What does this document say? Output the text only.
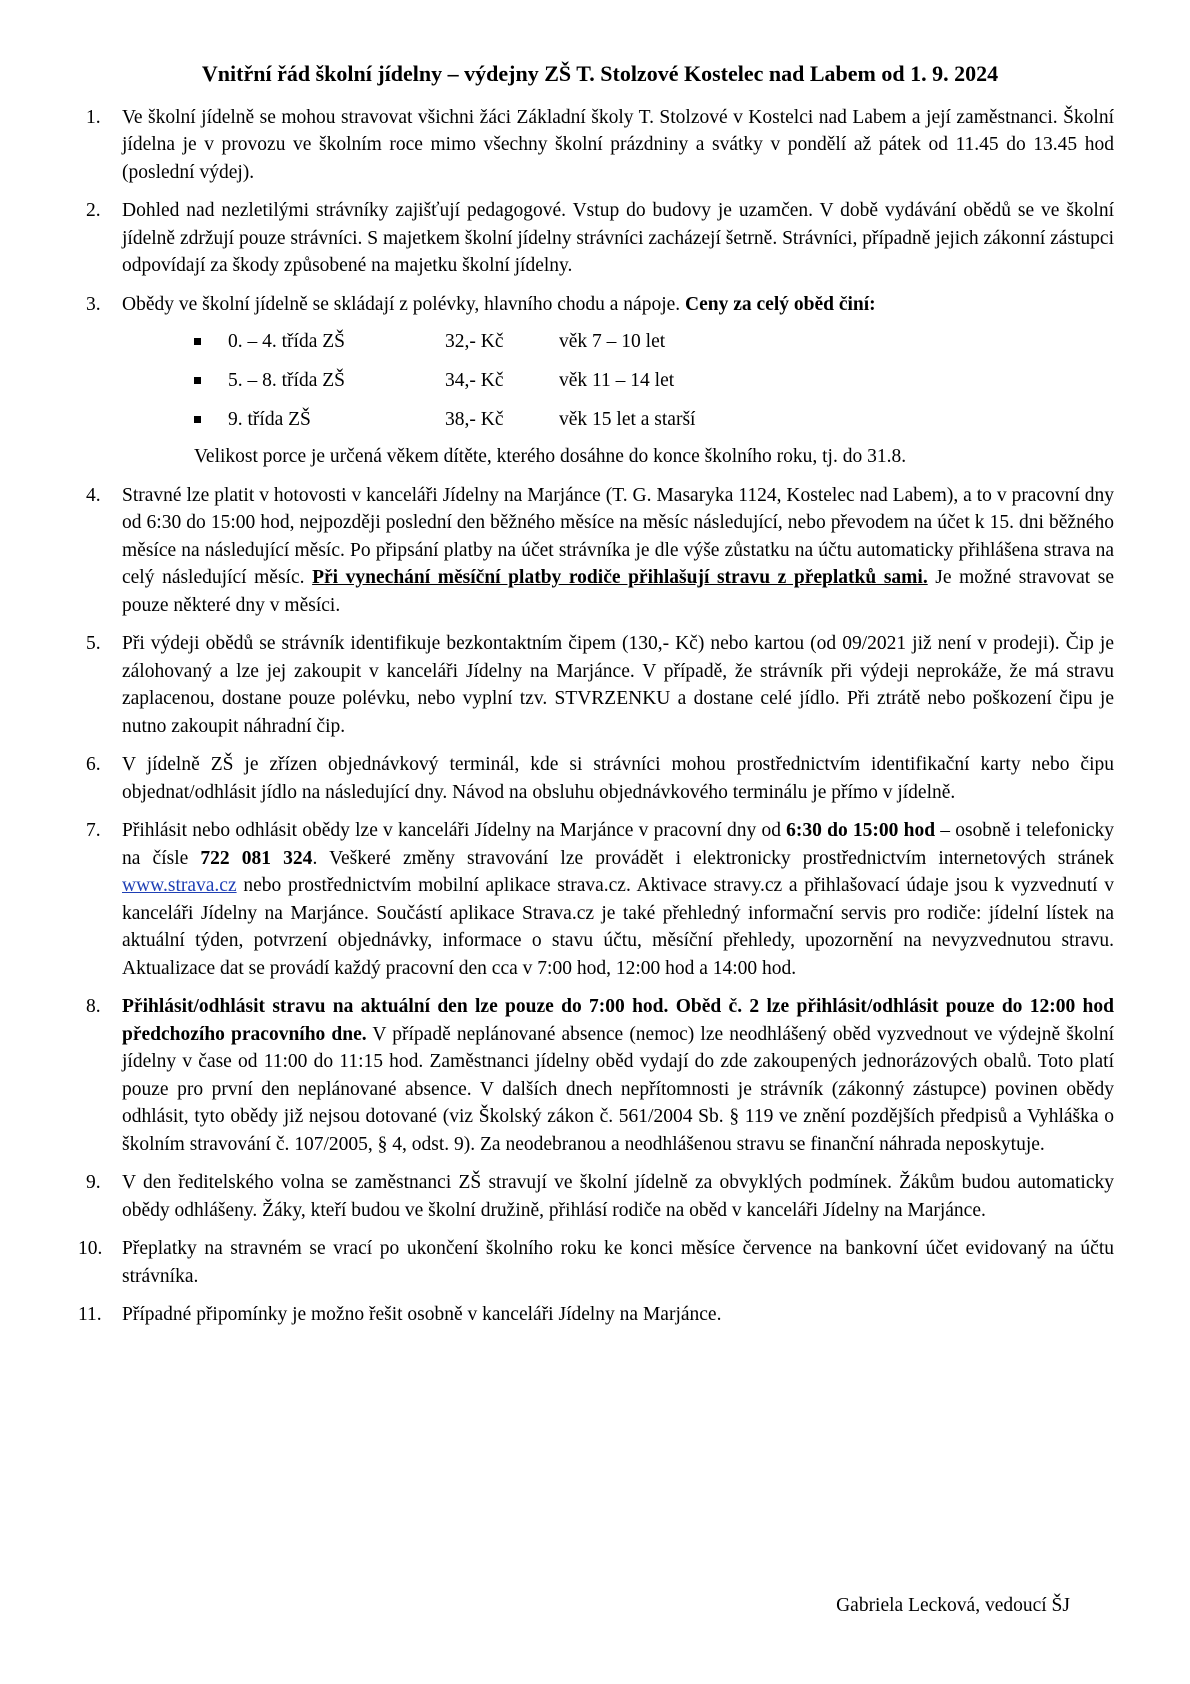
Vnitřní řád školní jídelny – výdejny ZŠ T. Stolzové Kostelec nad Labem od 1. 9. 2024
1.	Ve školní jídelně se mohou stravovat všichni žáci Základní školy T. Stolzové v Kostelci nad Labem a její zaměstnanci. Školní jídelna je v provozu ve školním roce mimo všechny školní prázdniny a svátky v pondělí až pátek od 11.45 do 13.45 hod (poslední výdej).
2.	Dohled nad nezletilými strávníky zajišťují pedagogové. Vstup do budovy je uzamčen. V době vydávání obědů se ve školní jídelně zdržují pouze strávníci. S majetkem školní jídelny strávníci zacházejí šetrně. Strávníci, případně jejich zákonní zástupci odpovídají za škody způsobené na majetku školní jídelny.
3.	Obědy ve školní jídelně se skládají z polévky, hlavního chodu a nápoje. Ceny za celý oběd činí:
0. – 4. třída ZŠ	32,- Kč	věk 7 – 10 let
5. – 8. třída ZŠ	34,- Kč	věk 11 – 14 let
9. třída ZŠ	38,- Kč	věk 15 let a starší
Velikost porce je určená věkem dítěte, kterého dosáhne do konce školního roku, tj. do 31.8.
4.	Stravné lze platit v hotovosti v kanceláři Jídelny na Marjánce (T. G. Masaryka 1124, Kostelec nad Labem), a to v pracovní dny od 6:30 do 15:00 hod, nejpozději poslední den běžného měsíce na měsíc následující, nebo převodem na účet k 15. dni běžného měsíce na následující měsíc. Po připsání platby na účet strávníka je dle výše zůstatku na účtu automaticky přihlášena strava na celý následující měsíc. Při vynechání měsíční platby rodiče přihlašují stravu z přeplatků sami. Je možné stravovat se pouze některé dny v měsíci.
5.	Při výdeji obědů se strávník identifikuje bezkontaktním čipem (130,- Kč) nebo kartou (od 09/2021 již není v prodeji). Čip je zálohovaný a lze jej zakoupit v kanceláři Jídelny na Marjánce. V případě, že strávník při výdeji neprokáže, že má stravu zaplacenou, dostane pouze polévku, nebo vyplní tzv. STVRZENKU a dostane celé jídlo. Při ztrátě nebo poškození čipu je nutno zakoupit náhradní čip.
6.	V jídelně ZŠ je zřízen objednávkový terminál, kde si strávníci mohou prostřednictvím identifikační karty nebo čipu objednat/odhlásit jídlo na následující dny. Návod na obsluhu objednávkového terminálu je přímo v jídelně.
7.	Přihlásit nebo odhlásit obědy lze v kanceláři Jídelny na Marjánce v pracovní dny od 6:30 do 15:00 hod – osobně i telefonicky na čísle 722 081 324. Veškeré změny stravování lze provádět i elektronicky prostřednictvím internetových stránek www.strava.cz nebo prostřednictvím mobilní aplikace strava.cz. Aktivace stravy.cz a přihlašovací údaje jsou k vyzvednutí v kanceláři Jídelny na Marjánce. Součástí aplikace Strava.cz je také přehledný informační servis pro rodiče: jídelní lístek na aktuální týden, potvrzení objednávky, informace o stavu účtu, měsíční přehledy, upozornění na nevyzvednutou stravu. Aktualizace dat se provádí každý pracovní den cca v 7:00 hod, 12:00 hod a 14:00 hod.
8.	Přihlásit/odhlásit stravu na aktuální den lze pouze do 7:00 hod. Oběd č. 2 lze přihlásit/odhlásit pouze do 12:00 hod předchozího pracovního dne. V případě neplánované absence (nemoc) lze neodhlášený oběd vyzvednout ve výdejně školní jídelny v čase od 11:00 do 11:15 hod. Zaměstnanci jídelny oběd vydají do zde zakoupených jednorázových obalů. Toto platí pouze pro první den neplánované absence. V dalších dnech nepřítomnosti je strávník (zákonný zástupce) povinen obědy odhlásit, tyto obědy již nejsou dotované (viz Školský zákon č. 561/2004 Sb. § 119 ve znění pozdějších předpisů a Vyhláška o školním stravování č. 107/2005, § 4, odst. 9). Za neodebranou a neodhlášenou stravu se finanční náhrada neposkytuje.
9.	V den ředitelského volna se zaměstnanci ZŠ stravují ve školní jídelně za obvyklých podmínek. Žákům budou automaticky obědy odhlášeny. Žáky, kteří budou ve školní družině, přihlásí rodiče na oběd v kanceláři Jídelny na Marjánce.
10.	Přeplatky na stravném se vrací po ukončení školního roku ke konci měsíce července na bankovní účet evidovaný na účtu strávníka.
11.	Případné připomínky je možno řešit osobně v kanceláři Jídelny na Marjánce.
Gabriela Lecková, vedoucí ŠJ
